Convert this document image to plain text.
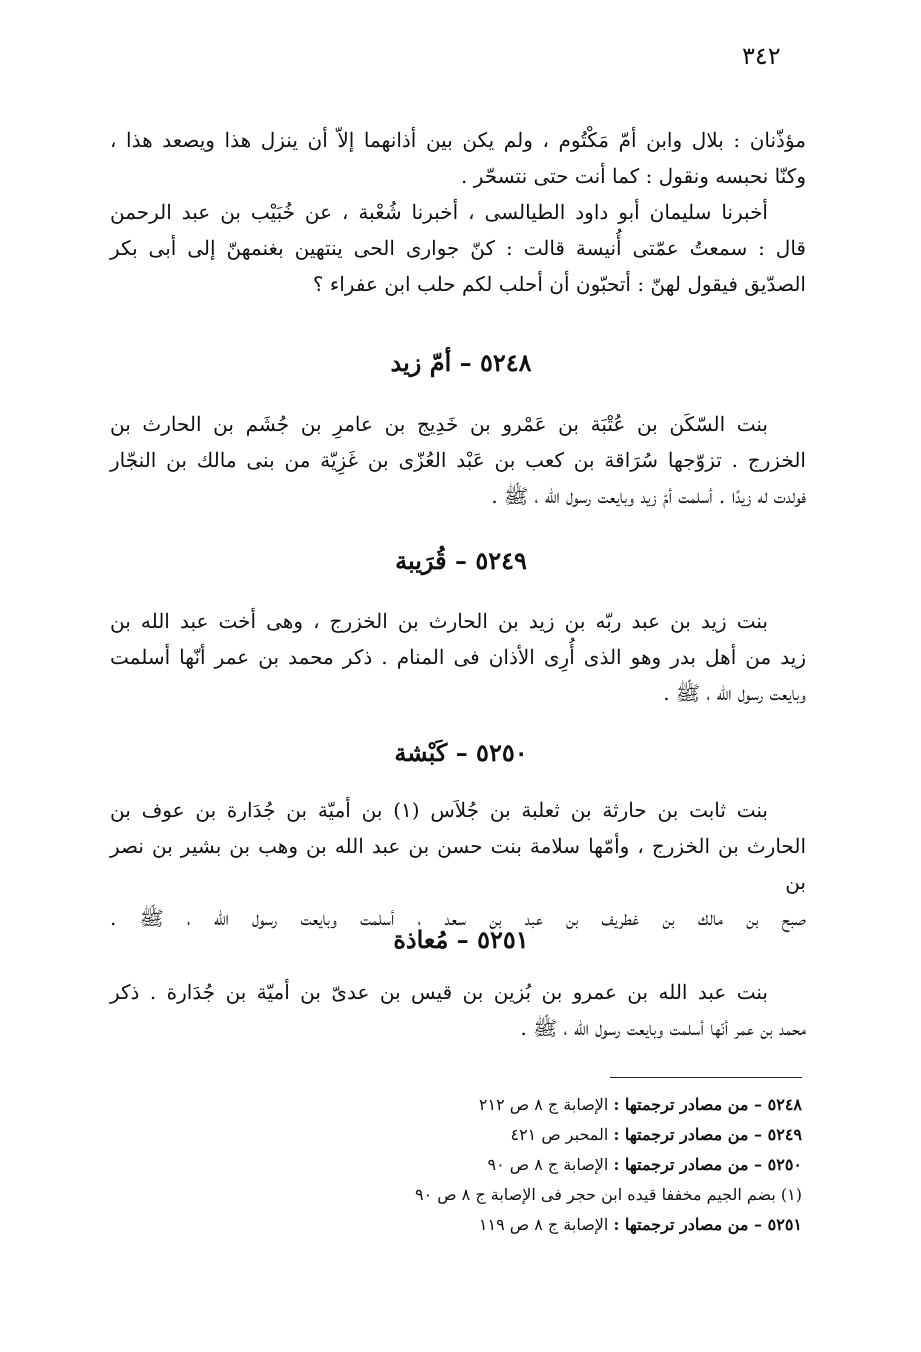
٣٤٢

مؤذّنان : بلال وابن أمّ مَكْتُوم ، ولم يكن بين أذانهما إلاّ أن ينزل هذا ويصعد هذا ،

وكنّا نحبسه ونقول : كما أنت حتى نتسحّر .

أخبرنا سليمان أبو داود الطيالسى ، أخبرنا شُعْبة ، عن خُبَيْب بن عبد الرحمن

قال : سمعتُ عمّتى أُنيسة قالت : كنّ جوارى الحى ينتهين بغنمهنّ إلى أبى بكر

الصدّيق فيقول لهنّ : أتحبّون أن أحلب لكم حلب ابن عفراء ؟

٥٢٤٨ – أمّ زيد

بنت السّكَن بن عُتْبَة بن عَمْرو بن خَدِيج بن عامرِ بن جُشَم بن الحارث بن

الخزرج . تزوّجها سُرَاقة بن كعب بن عَبْد العُزّى بن غَزِيّة من بنى مالك بن النجّار

فولدت له زيدًا . أسلمت أمّ زيد وبايعت رسول الله ، ﷺ .

٥٢٤٩ – قُرَيبة

بنت زيد بن عبد ربّه بن زيد بن الحارث بن الخزرج ، وهى أخت عبد الله بن

زيد من أهل بدر وهو الذى أُرِى الأذان فى المنام . ذكر محمد بن عمر أنّها أسلمت

وبايعت رسول الله ، ﷺ .

٥٢٥٠ – كَبْشة

بنت ثابت بن حارثة بن ثعلبة بن جُلاَس (١) بن أميّة بن جُدَارة بن عوف بن

الحارث بن الخزرج ، وأمّها سلامة بنت حسن بن عبد الله بن وهب بن بشير بن نصر بن

صبح بن مالك بن غطريف بن عبد بن سعد ، أسلمت وبايعت رسول الله ، ﷺ .

٥٢٥١ – مُعاذة

بنت عبد الله بن عمرو بن بُزين بن قيس بن عدىّ بن أميّة بن جُدَارة . ذكر

محمد بن عمر أنّها أسلمت وبايعت رسول الله ، ﷺ .

٥٢٤٨ – من مصادر ترجمتها : الإصابة ج ٨ ص ٢١٢
٥٢٤٩ – من مصادر ترجمتها : المحبر ص ٤٢١
٥٢٥٠ – من مصادر ترجمتها : الإصابة ج ٨ ص ٩٠
(١) بضم الجيم مخففا قيده ابن حجر فى الإصابة ج ٨ ص ٩٠
٥٢٥١ – من مصادر ترجمتها : الإصابة ج ٨ ص ١١٩
